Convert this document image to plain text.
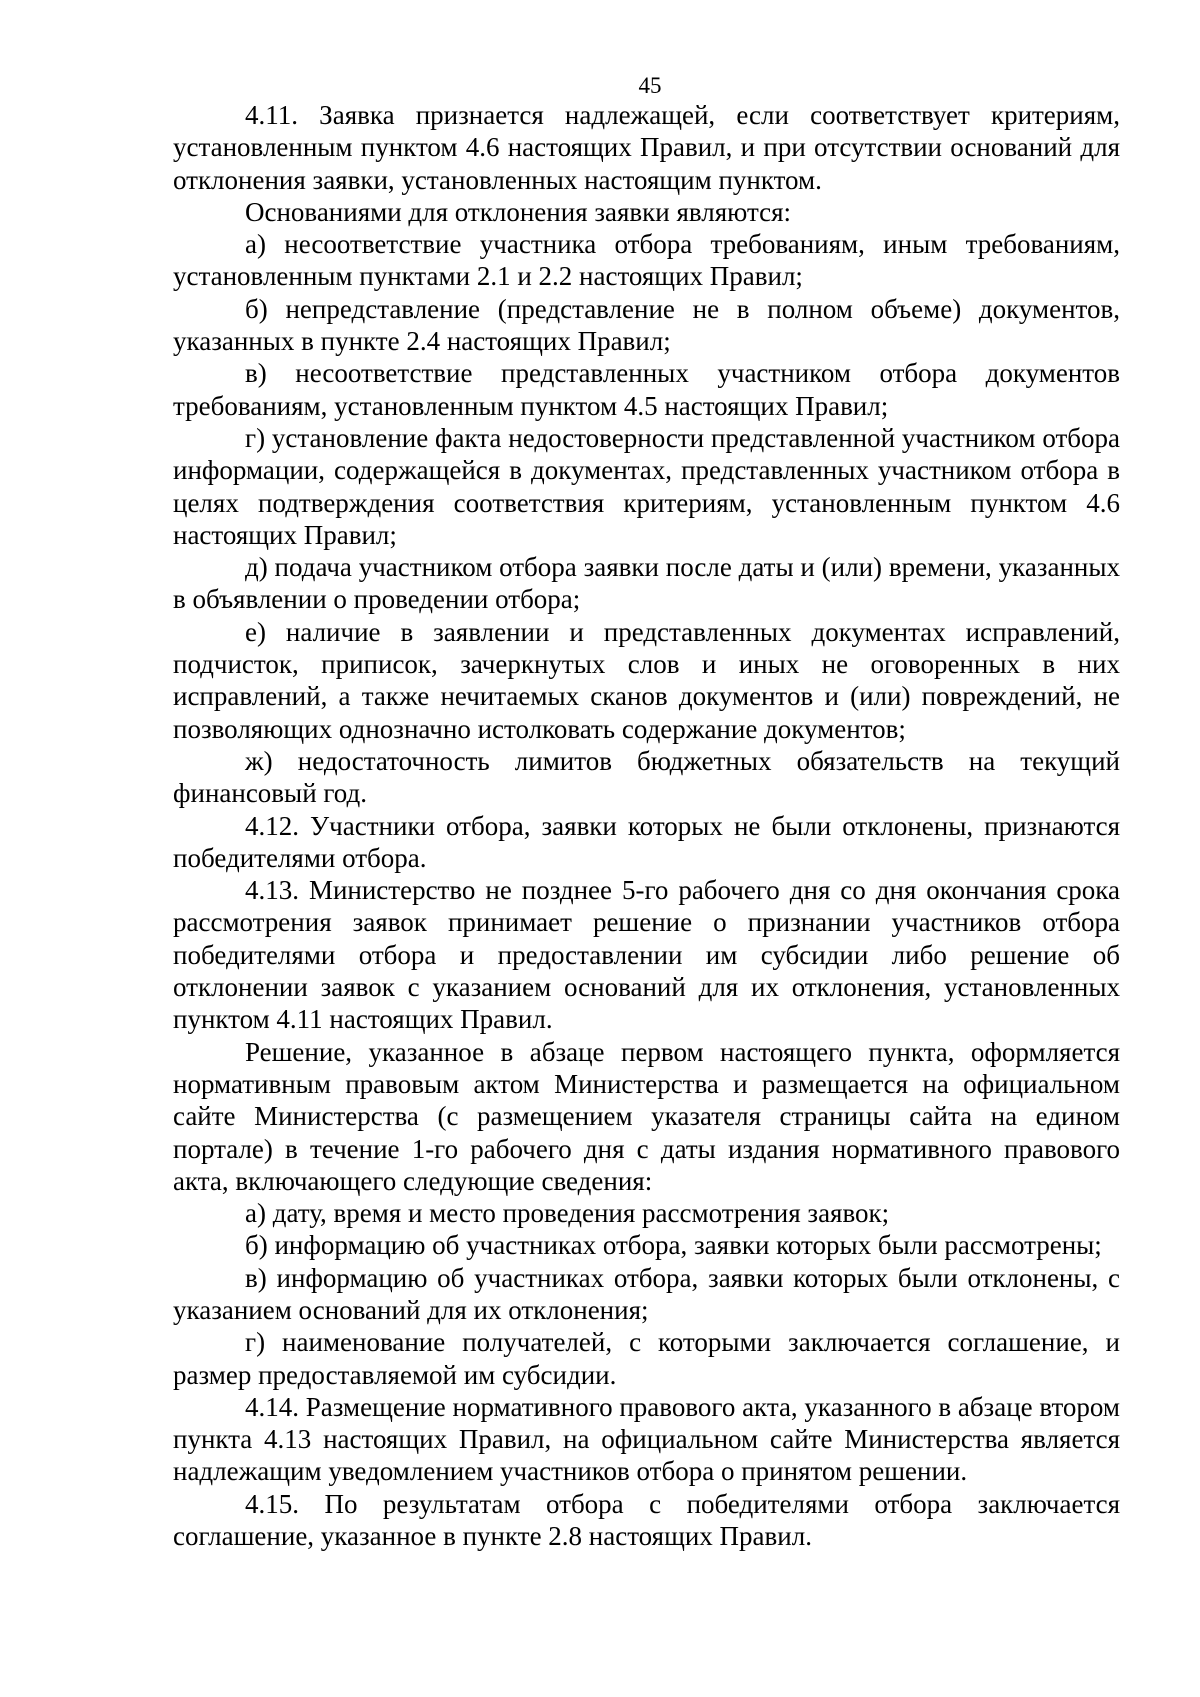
45

4.11. Заявка признается надлежащей, если соответствует критериям, установленным пунктом 4.6 настоящих Правил, и при отсутствии оснований для отклонения заявки, установленных настоящим пунктом.

Основаниями для отклонения заявки являются:

а) несоответствие участника отбора требованиям, иным требованиям, установленным пунктами 2.1 и 2.2 настоящих Правил;

б) непредставление (представление не в полном объеме) документов, указанных в пункте 2.4 настоящих Правил;

в) несоответствие представленных участником отбора документов требованиям, установленным пунктом 4.5 настоящих Правил;

г) установление факта недостоверности представленной участником отбора информации, содержащейся в документах, представленных участником отбора в целях подтверждения соответствия критериям, установленным пунктом 4.6 настоящих Правил;

д) подача участником отбора заявки после даты и (или) времени, указанных в объявлении о проведении отбора;

е) наличие в заявлении и представленных документах исправлений, подчисток, приписок, зачеркнутых слов и иных не оговоренных в них исправлений, а также нечитаемых сканов документов и (или) повреждений, не позволяющих однозначно истолковать содержание документов;

ж) недостаточность лимитов бюджетных обязательств на текущий финансовый год.

4.12. Участники отбора, заявки которых не были отклонены, признаются победителями отбора.

4.13. Министерство не позднее 5-го рабочего дня со дня окончания срока рассмотрения заявок принимает решение о признании участников отбора победителями отбора и предоставлении им субсидии либо решение об отклонении заявок с указанием оснований для их отклонения, установленных пунктом 4.11 настоящих Правил.

Решение, указанное в абзаце первом настоящего пункта, оформляется нормативным правовым актом Министерства и размещается на официальном сайте Министерства (с размещением указателя страницы сайта на едином портале) в течение 1-го рабочего дня с даты издания нормативного правового акта, включающего следующие сведения:

а) дату, время и место проведения рассмотрения заявок;

б) информацию об участниках отбора, заявки которых были рассмотрены;

в) информацию об участниках отбора, заявки которых были отклонены, с указанием оснований для их отклонения;

г) наименование получателей, с которыми заключается соглашение, и размер предоставляемой им субсидии.

4.14. Размещение нормативного правового акта, указанного в абзаце втором пункта 4.13 настоящих Правил, на официальном сайте Министерства является надлежащим уведомлением участников отбора о принятом решении.

4.15. По результатам отбора с победителями отбора заключается соглашение, указанное в пункте 2.8 настоящих Правил.
